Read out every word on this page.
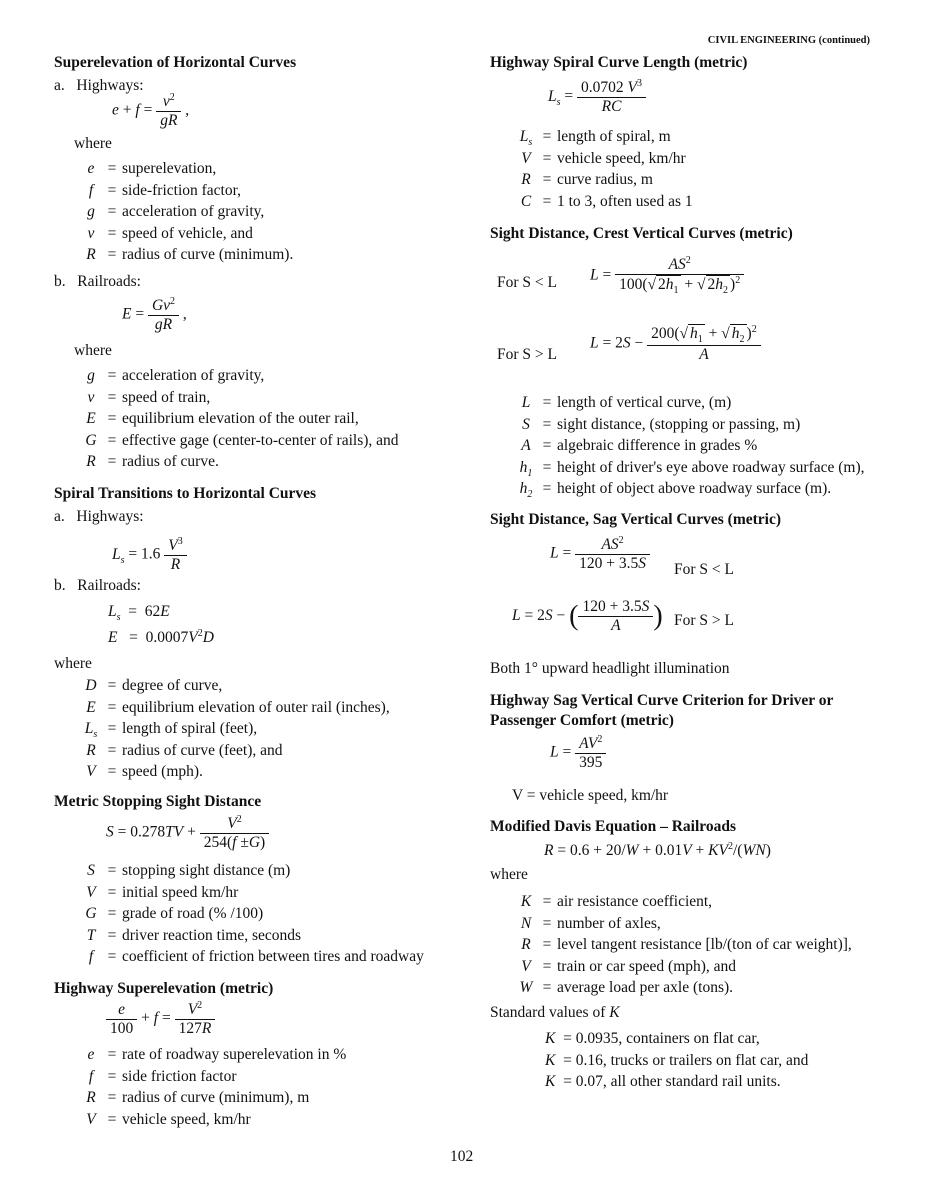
CIVIL ENGINEERING (continued)
Superelevation of Horizontal Curves
a. Highways:
$e + f = \frac{v^2}{gR}$ ,
where
e = superelevation,
f = side-friction factor,
g = acceleration of gravity,
v = speed of vehicle, and
R = radius of curve (minimum).
b. Railroads:
$E = \frac{Gv^2}{gR}$ ,
where
g = acceleration of gravity,
v = speed of train,
E = equilibrium elevation of the outer rail,
G = effective gage (center-to-center of rails), and
R = radius of curve.
Spiral Transitions to Horizontal Curves
a. Highways:
$L_s = 1.6 \frac{V^3}{R}$
b. Railroads:
$L_s = 62E$
$E = 0.0007V^2D$
where
D = degree of curve,
E = equilibrium elevation of outer rail (inches),
$L_s$ = length of spiral (feet),
R = radius of curve (feet), and
V = speed (mph).
Metric Stopping Sight Distance
$S = 0.278TV + \frac{V^2}{254(f \pm G)}$
S = stopping sight distance (m)
V = initial speed km/hr
G = grade of road (% /100)
T = driver reaction time, seconds
f = coefficient of friction between tires and roadway
Highway Superelevation (metric)
$\frac{e}{100} + f = \frac{V^2}{127R}$
e = rate of roadway superelevation in %
f = side friction factor
R = radius of curve (minimum), m
V = vehicle speed, km/hr
Highway Spiral Curve Length (metric)
$L_s = \frac{0.0702 V^3}{RC}$
$L_s$ = length of spiral, m
V = vehicle speed, km/hr
R = curve radius, m
C = 1 to 3, often used as 1
Sight Distance, Crest Vertical Curves (metric)
For S < L $L = \frac{AS^2}{100(√ 2h_1 + √ 2h_2 )^2}$
For S > L
$L = 2S - \frac{200(√ h_1 + √ h_2 )^2}{A}$
L = length of vertical curve, (m)
S = sight distance, (stopping or passing, m)
A = algebraic difference in grades %
$h_1$ = height of driver's eye above roadway surface (m),
$h_2$ = height of object above roadway surface (m).
Sight Distance, Sag Vertical Curves (metric)
$L = \frac{AS^2}{120 + 3.5S}$ For S < L
L = 2S − ( $\frac{120 + 3.5S}{A}$ ) For S > L
Both 1° upward headlight illumination
Highway Sag Vertical Curve Criterion for Driver or
Passenger Comfort (metric)
$L = \frac{AV^2}{395}$
V = vehicle speed, km/hr
Modified Davis Equation – Railroads
$R = 0.6 + 20/W + 0.01V + KV^2/(WN)$
where
K = air resistance coefficient,
N = number of axles,
R = level tangent resistance [lb/(ton of car weight)],
V = train or car speed (mph), and
W = average load per axle (tons).
Standard values of K
K  = 0.0935, containers on flat car,
K  = 0.16, trucks or trailers on flat car, and
K  = 0.07, all other standard rail units.
102
